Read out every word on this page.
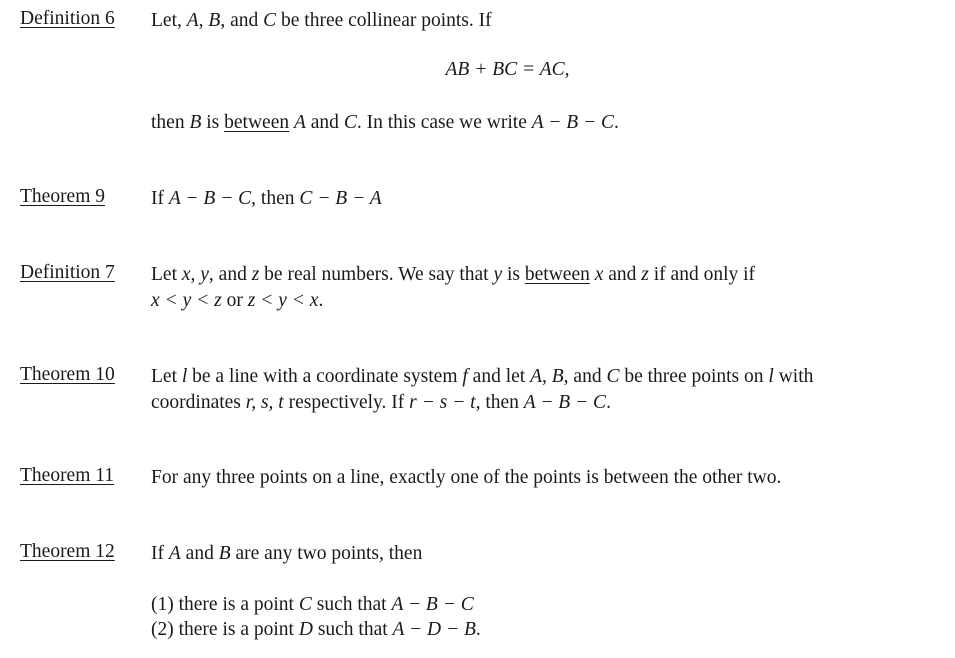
Definition 6 Let, A, B, and C be three collinear points. If
AB + BC = AC,
then B is between A and C. In this case we write A − B − C.
Theorem 9 If A − B − C, then C − B − A
Definition 7 Let x, y, and z be real numbers. We say that y is between x and z if and only if
x < y < z or z < y < x.
Theorem 10 Let l be a line with a coordinate system f and let A, B, and C be three points on l with
coordinates r, s, t respectively. If r − s − t, then A − B − C.
Theorem 11 For any three points on a line, exactly one of the points is between the other two.
Theorem 12 If A and B are any two points, then
(1) there is a point C such that A − B − C
(2) there is a point D such that A − D − B.
